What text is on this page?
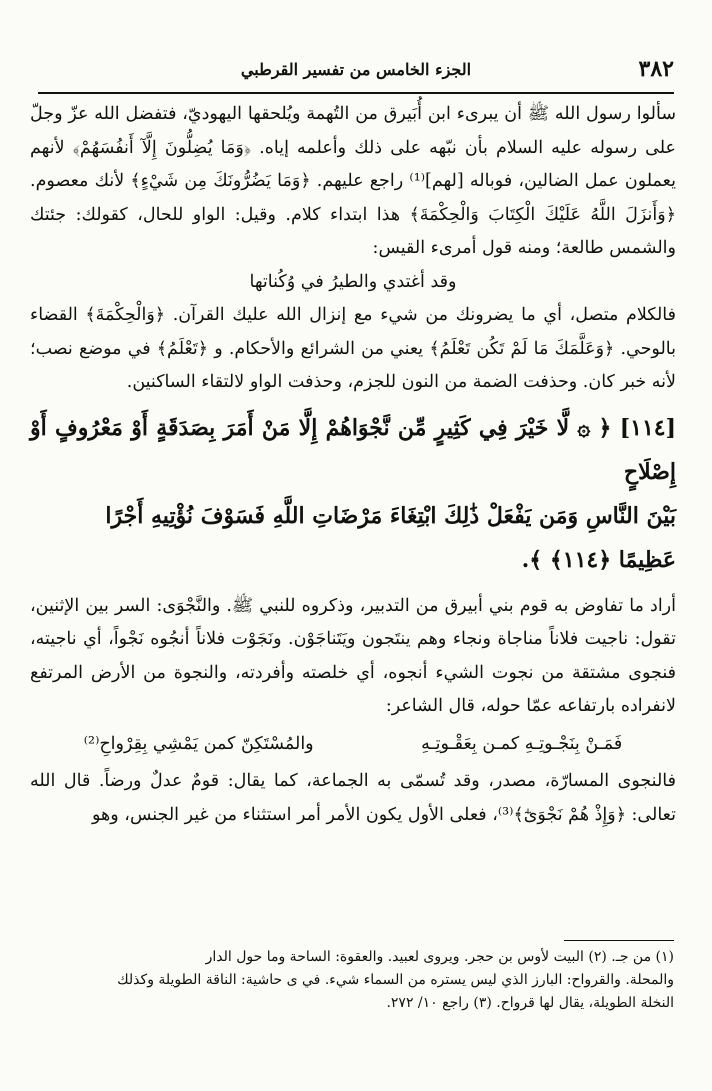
٣٨٢
الجزء الخامس من تفسير القرطبي

سألوا رسول الله ﷺ أن يبرىء ابن أُبَيرق من التُهمة ويُلحقها اليهوديّ، فتفضل الله عزّ وجلّ على رسوله عليه السلام بأن نبّهه على ذلك وأعلمه إياه. ﴿وَمَا يُضِلُّونَ إِلَّآ أَنفُسَهُمْ﴾ لأنهم يعملون عمل الضالين، فوباله [لهم]⁽¹⁾ راجع عليهم. ﴿وَمَا يَضُرُّونَكَ مِن شَيْءٍ﴾ لأنك معصوم. ﴿وَأَنزَلَ اللَّهُ عَلَيْكَ الْكِتَابَ وَالْحِكْمَةَ﴾ هذا ابتداء كلام. وقيل: الواو للحال، كقولك: جئتك والشمس طالعة؛ ومنه قول أمرىء القيس:

وقد أغتدي والطيرُ في وُكُناتها

فالكلام متصل، أي ما يضرونك من شيء مع إنزال الله عليك القرآن. ﴿وَالْحِكْمَةَ﴾ القضاء بالوحي. ﴿وَعَلَّمَكَ مَا لَمْ تَكُن تَعْلَمُ﴾ يعني من الشرائع والأحكام. و ﴿تَعْلَمُ﴾ في موضع نصب؛ لأنه خبر كان. وحذفت الضمة من النون للجزم، وحذفت الواو لالتقاء الساكنين.

[١١٤] ﴿ ۞ لَّا خَيْرَ فِي كَثِيرٍ مِّن نَّجْوَاهُمْ إِلَّا مَنْ أَمَرَ بِصَدَقَةٍ أَوْ مَعْرُوفٍ أَوْ إِصْلَاحٍ

بَيْنَ النَّاسِ وَمَن يَفْعَلْ ذَٰلِكَ ابْتِغَاءَ مَرْضَاتِ اللَّهِ فَسَوْفَ نُؤْتِيهِ أَجْرًا

عَظِيمًا ﴿١١٤﴾ ﴾.

أراد ما تفاوض به قوم بني أبيرق من التدبير، وذكروه للنبي ﷺ. والنَّجْوَى: السر بين الإثنين، تقول: ناجيت فلاناً مناجاة ونجاء وهم ينتَجون ويَتَناجَوْن. ونَجَوْت فلاناً أنجُوه نَجْواً، أي ناجيته، فنجوى مشتقة من نجوت الشيء أنجوه، أي خلصته وأفردته، والنجوة من الأرض المرتفع لانفراده بارتفاعه عمّا حوله، قال الشاعر:

فَمَـنْ بِنَجْـوتِـهِ كمـن بِعَقْـوتِـهِ
والمُسْتَكِنّ كمن يَمْشِي بِقِرْواحِ⁽²⁾

فالنجوى المسارّة، مصدر، وقد تُسمّى به الجماعة، كما يقال: قومٌ عدلٌ ورضاً. قال الله تعالى: ﴿وَإِذْ هُمْ نَجْوَىٰٓ﴾⁽³⁾، فعلى الأول يكون الأمر أمر استثناء من غير الجنس، وهو

(١) من جـ. (٢) البيت لأوس بن حجر. ويروى لعبيد. والعقوة: الساحة وما حول الدار

والمحلة. والقرواح: البارز الذي ليس يستره من السماء شيء. في ى حاشية: الناقة الطويلة وكذلك

النخلة الطويلة، يقال لها قرواح. (٣) راجع ١٠/ ٢٧٢.
